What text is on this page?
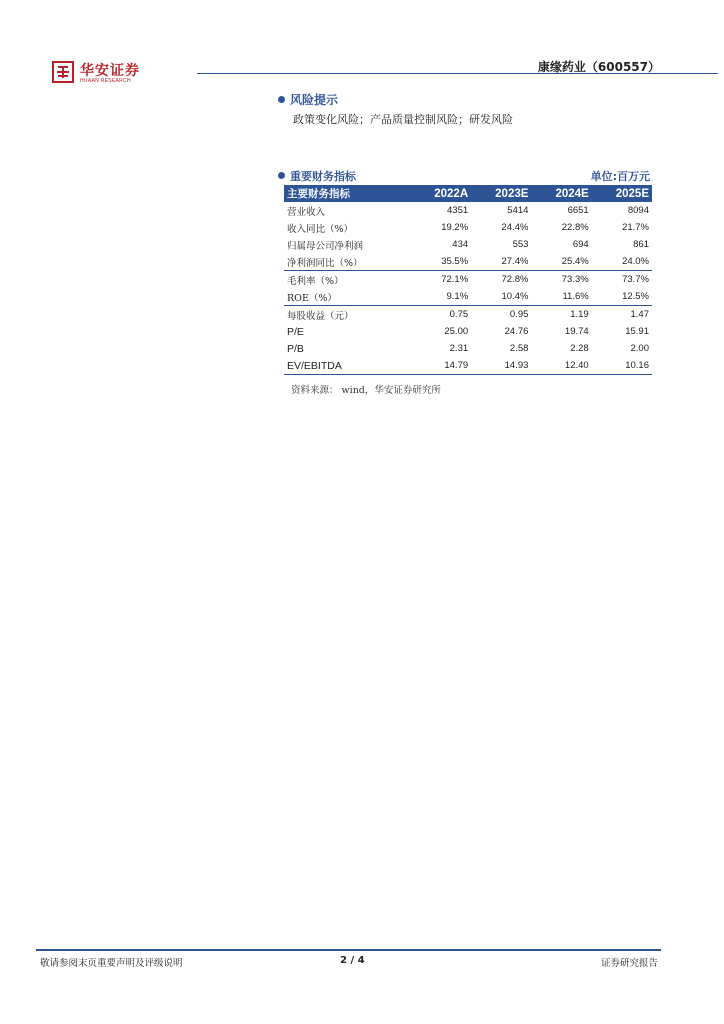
华安证券
HUAAN RESEARCH
康缘药业（600557）
风险提示
政策变化风险；产品质量控制风险；研发风险
重要财务指标	单位:百万元
主要财务指标	2022A	2023E	2024E	2025E
营业收入	4351	5414	6651	8094
收入同比（%）	19.2%	24.4%	22.8%	21.7%
归属母公司净利润	434	553	694	861
净利润同比（%）	35.5%	27.4%	25.4%	24.0%
毛利率（%）	72.1%	72.8%	73.3%	73.7%
ROE（%）	9.1%	10.4%	11.6%	12.5%
每股收益（元）	0.75	0.95	1.19	1.47
P/E	25.00	24.76	19.74	15.91
P/B	2.31	2.58	2.28	2.00
EV/EBITDA	14.79	14.93	12.40	10.16
资料来源： wind，华安证券研究所
敬请参阅末页重要声明及评级说明	2 / 4	证券研究报告
